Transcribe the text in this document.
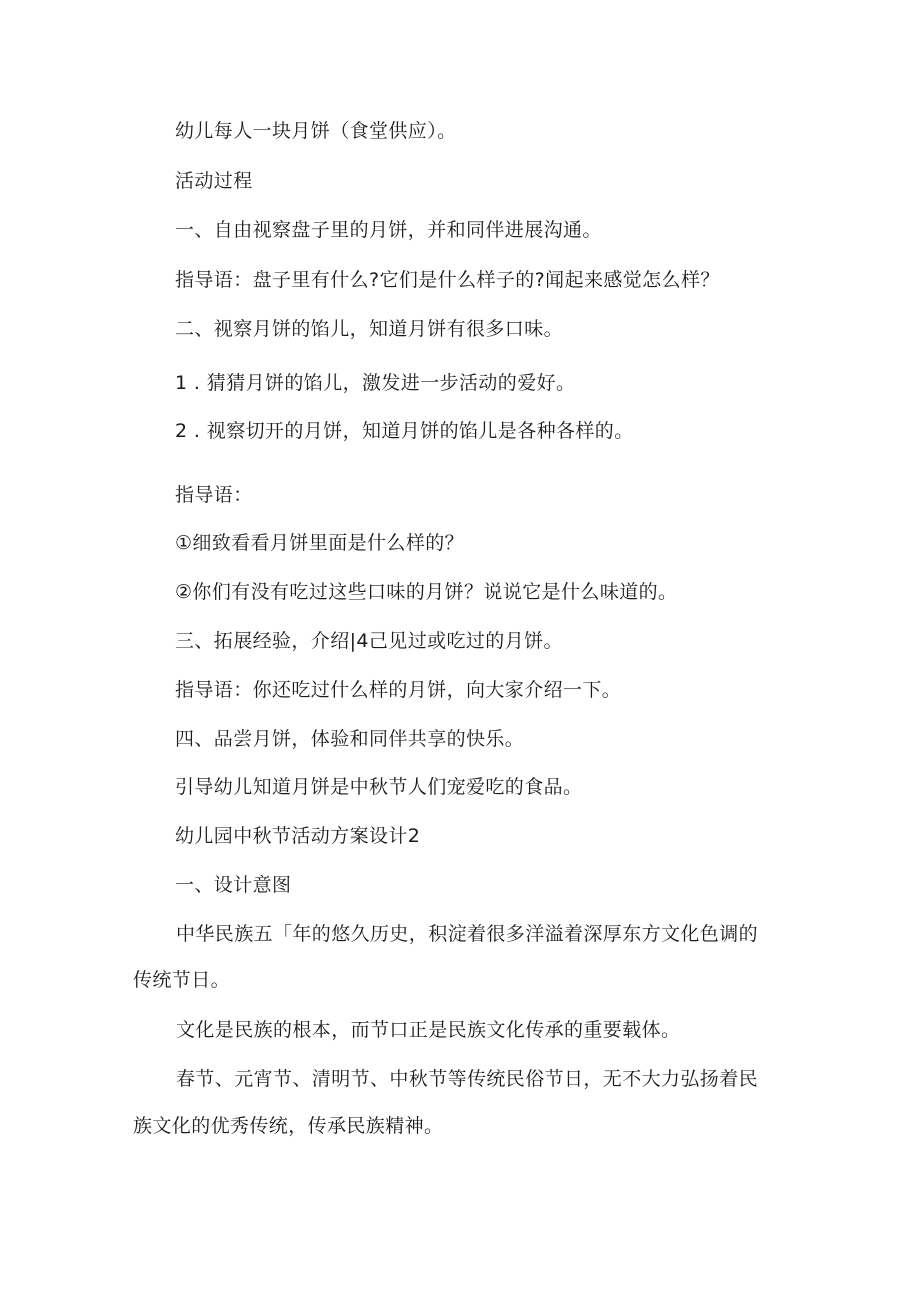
幼儿每人一块月饼（食堂供应）。
活动过程
一、自由视察盘子里的月饼，并和同伴进展沟通。
指导语：盘子里有什么?它们是什么样子的?闻起来感觉怎么样？
二、视察月饼的馅儿，知道月饼有很多口味。
1 . 猜猜月饼的馅儿，激发进一步活动的爱好。
2 . 视察切开的月饼，知道月饼的馅儿是各种各样的。
指导语：
①细致看看月饼里面是什么样的？
②你们有没有吃过这些口味的月饼？说说它是什么味道的。
三、拓展经验，介绍|4己见过或吃过的月饼。
指导语：你还吃过什么样的月饼，向大家介绍一下。
四、品尝月饼，体验和同伴共享的快乐。
引导幼儿知道月饼是中秋节人们宠爱吃的食品。
幼儿园中秋节活动方案设计2
一、设计意图
中华民族五「年的悠久历史，积淀着很多洋溢着深厚东方文化色调的
传统节日。
文化是民族的根本，而节口正是民族文化传承的重要载体。
春节、元宵节、清明节、中秋节等传统民俗节日，无不大力弘扬着民
族文化的优秀传统，传承民族精神。
